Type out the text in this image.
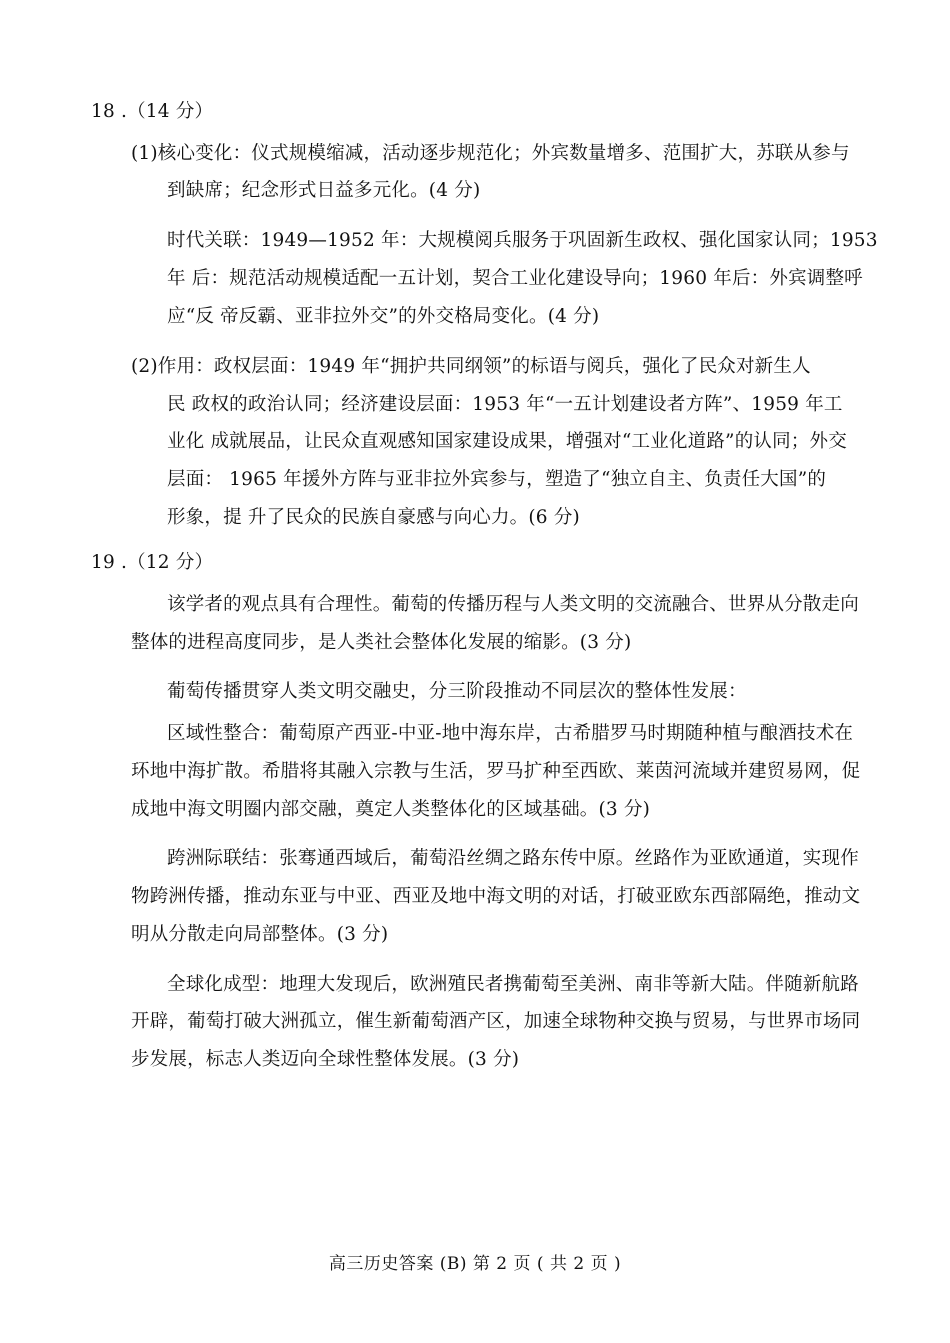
18 .（14 分）
(1)核心变化：仪式规模缩减，活动逐步规范化；外宾数量增多、范围扩大，苏联从参与
到缺席；纪念形式日益多元化。(4 分)
时代关联：1949—1952 年：大规模阅兵服务于巩固新生政权、强化国家认同；1953
年 后：规范活动规模适配一五计划，契合工业化建设导向；1960 年后：外宾调整呼
应“反 帝反霸、亚非拉外交”的外交格局变化。(4 分)
(2)作用：政权层面：1949 年“拥护共同纲领”的标语与阅兵，强化了民众对新生人
民 政权的政治认同；经济建设层面：1953 年“一五计划建设者方阵”、1959 年工
业化 成就展品，让民众直观感知国家建设成果，增强对“工业化道路”的认同；外交
层面： 1965 年援外方阵与亚非拉外宾参与，塑造了“独立自主、负责任大国”的
形象，提 升了民众的民族自豪感与向心力。(6 分)
19 .（12 分）
该学者的观点具有合理性。葡萄的传播历程与人类文明的交流融合、世界从分散走向
整体的进程高度同步，是人类社会整体化发展的缩影。(3 分)
葡萄传播贯穿人类文明交融史，分三阶段推动不同层次的整体性发展：
区域性整合：葡萄原产西亚-中亚-地中海东岸，古希腊罗马时期随种植与酿酒技术在
环地中海扩散。希腊将其融入宗教与生活，罗马扩种至西欧、莱茵河流域并建贸易网，促
成地中海文明圈内部交融，奠定人类整体化的区域基础。(3 分)
跨洲际联结：张骞通西域后，葡萄沿丝绸之路东传中原。丝路作为亚欧通道，实现作
物跨洲传播，推动东亚与中亚、西亚及地中海文明的对话，打破亚欧东西部隔绝，推动文
明从分散走向局部整体。(3 分)
全球化成型：地理大发现后，欧洲殖民者携葡萄至美洲、南非等新大陆。伴随新航路
开辟，葡萄打破大洲孤立，催生新葡萄酒产区，加速全球物种交换与贸易，与世界市场同
步发展，标志人类迈向全球性整体发展。(3 分)
高三历史答案 (B) 第 2 页 ( 共 2 页 )
